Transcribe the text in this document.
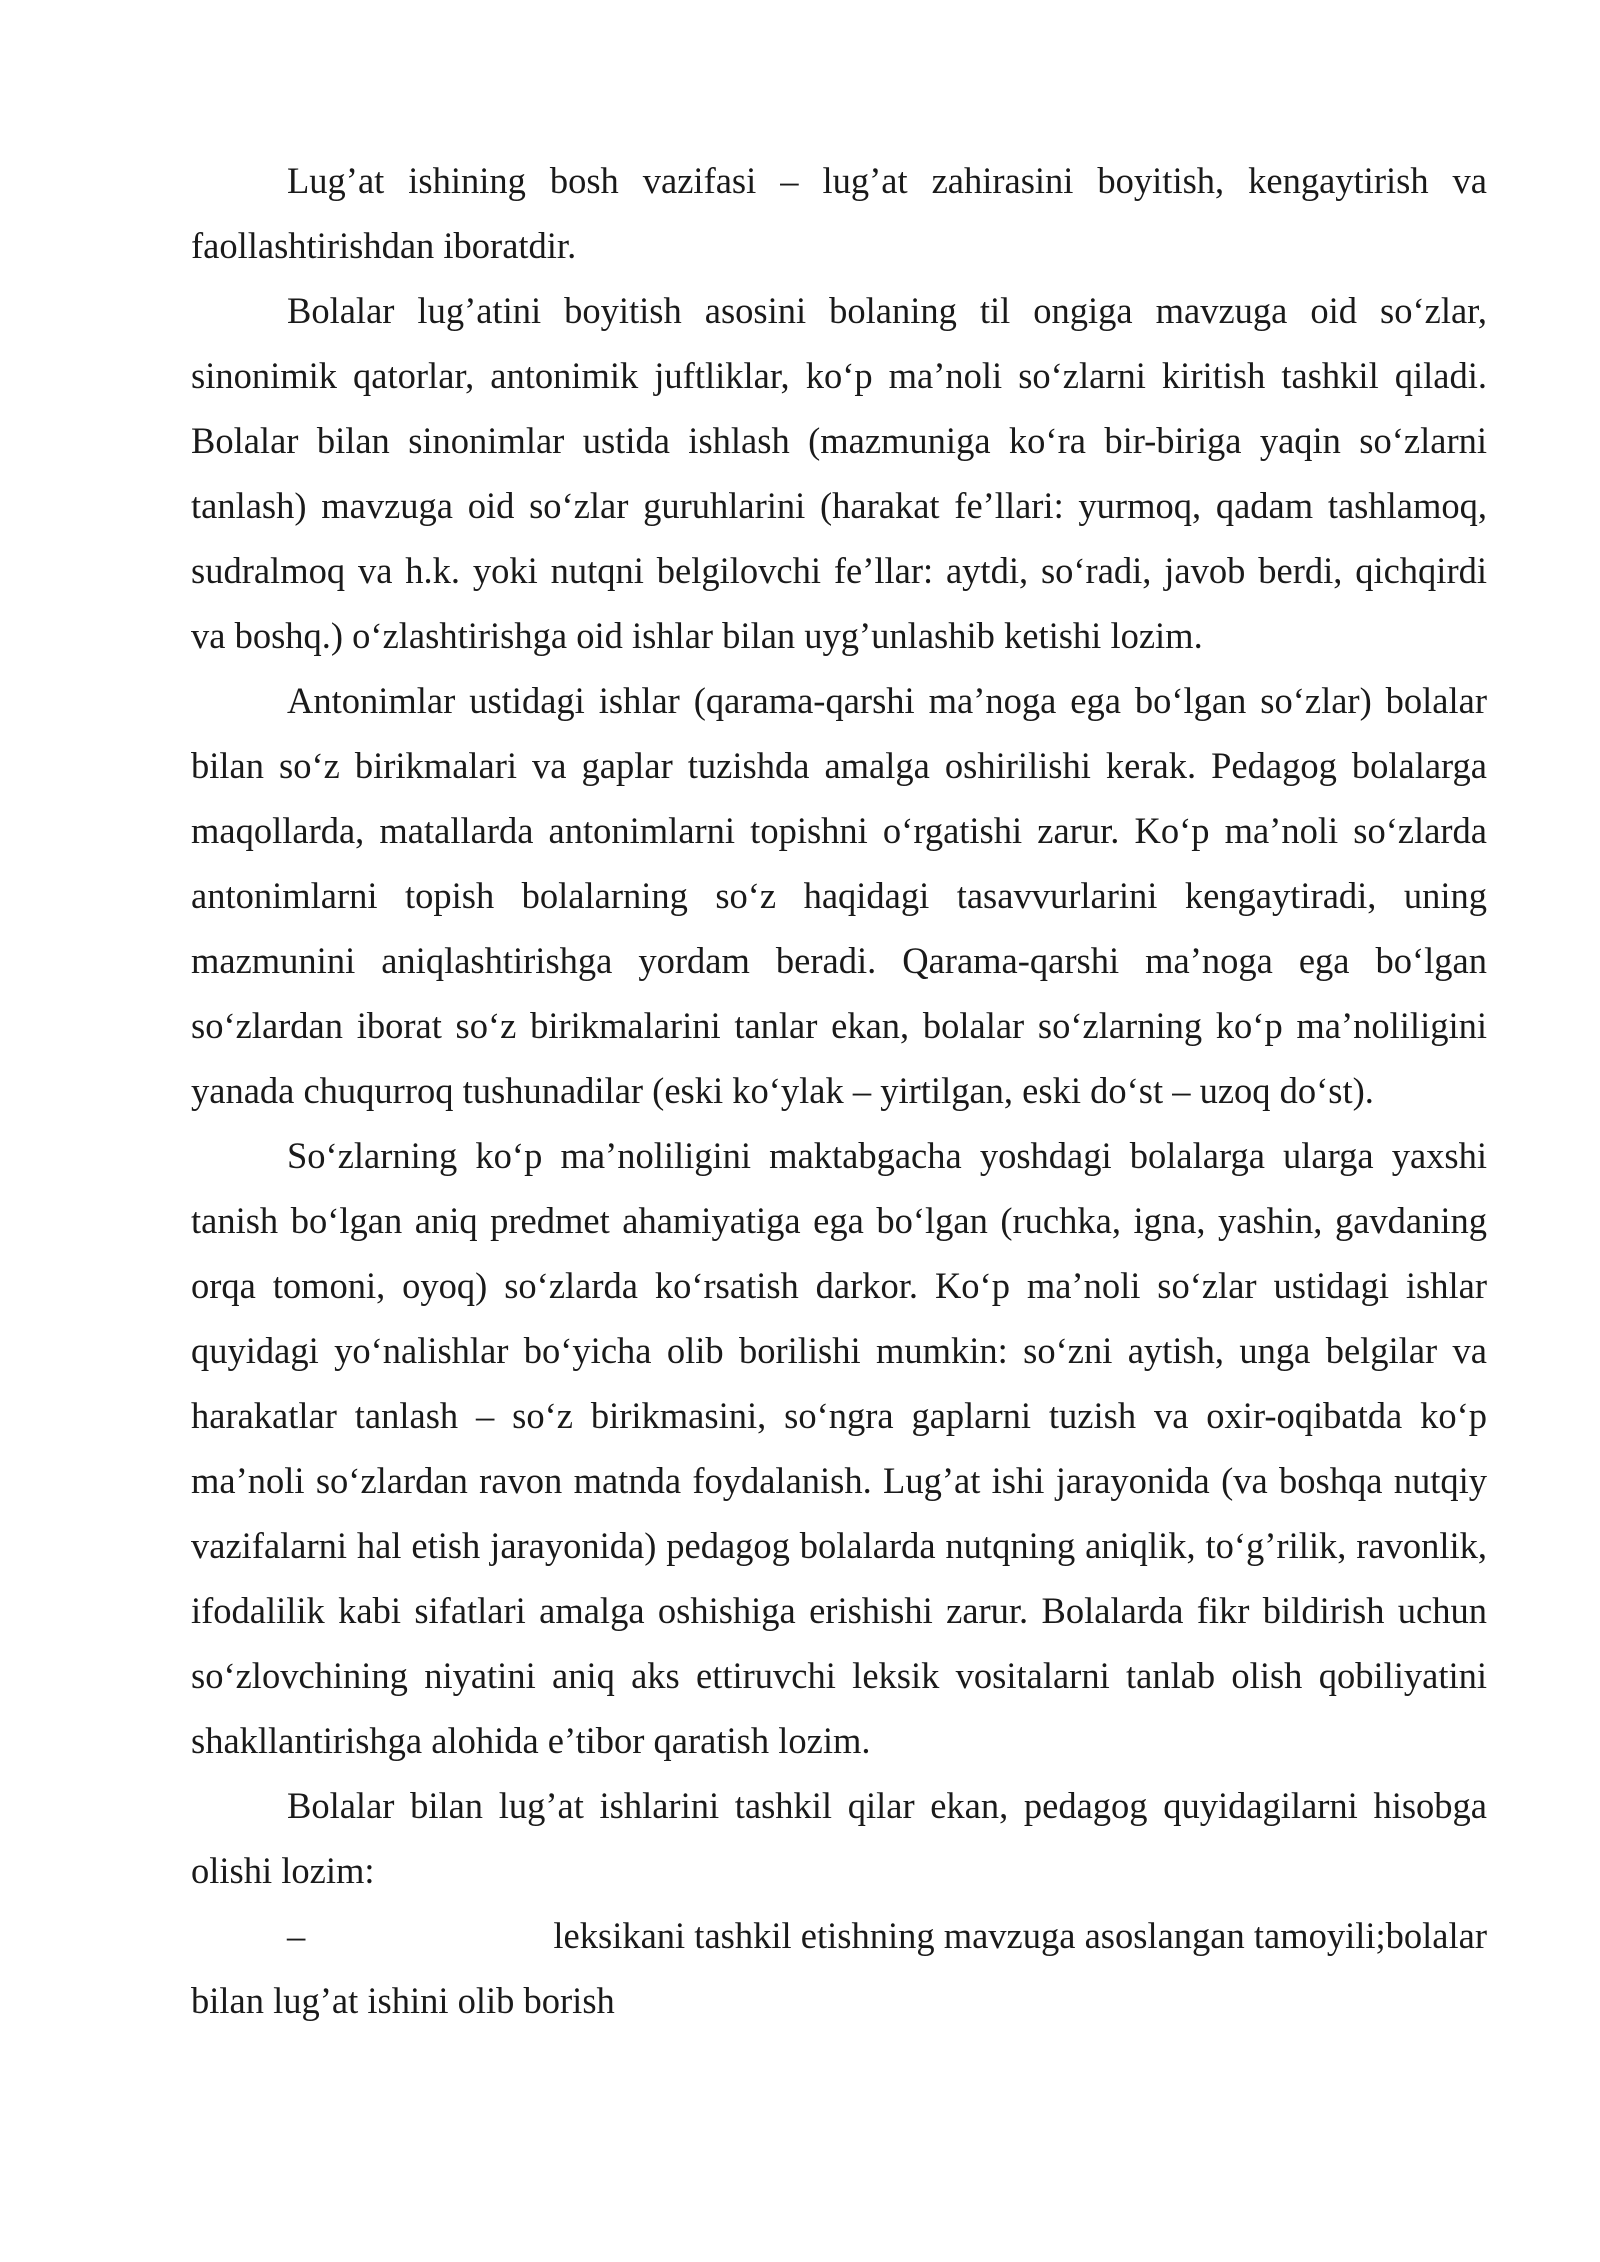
Lug’at ishining bosh vazifasi – lug’at zahirasini boyitish, kengaytirish va faollashtirishdan iboratdir.

Bolalar lug’atini boyitish asosini bolaning til ongiga mavzuga oid so‘zlar, sinonimik qatorlar, antonimik juftliklar, ko‘p ma’noli so‘zlarni kiritish tashkil qiladi. Bolalar bilan sinonimlar ustida ishlash (mazmuniga ko‘ra bir-biriga yaqin so‘zlarni tanlash) mavzuga oid so‘zlar guruhlarini (harakat fe’llari: yurmoq, qadam tashlamoq, sudralmoq va h.k. yoki nutqni belgilovchi fe’llar: aytdi, so‘radi, javob berdi, qichqirdi va boshq.) o‘zlashtirishga oid ishlar bilan uyg’unlashib ketishi lozim.

Antonimlar ustidagi ishlar (qarama-qarshi ma’noga ega bo‘lgan so‘zlar) bolalar bilan so‘z birikmalari va gaplar tuzishda amalga oshirilishi kerak. Pedagog bolalarga maqollarda, matallarda antonimlarni topishni o‘rgatishi zarur. Ko‘p ma’noli so‘zlarda antonimlarni topish bolalarning so‘z haqidagi tasavvurlarini kengaytiradi, uning mazmunini aniqlashtirishga yordam beradi. Qarama-qarshi ma’noga ega bo‘lgan so‘zlardan iborat so‘z birikmalarini tanlar ekan, bolalar so‘zlarning ko‘p ma’noliligini yanada chuqurroq tushunadilar (eski ko‘ylak – yirtilgan, eski do‘st – uzoq do‘st).

So‘zlarning ko‘p ma’noliligini maktabgacha yoshdagi bolalarga ularga yaxshi tanish bo‘lgan aniq predmet ahamiyatiga ega bo‘lgan (ruchka, igna, yashin, gavdaning orqa tomoni, oyoq) so‘zlarda ko‘rsatish darkor. Ko‘p ma’noli so‘zlar ustidagi ishlar quyidagi yo‘nalishlar bo‘yicha olib borilishi mumkin: so‘zni aytish, unga belgilar va harakatlar tanlash – so‘z birikmasini, so‘ngra gaplarni tuzish va oxir-oqibatda ko‘p ma’noli so‘zlardan ravon matnda foydalanish. Lug’at ishi jarayonida (va boshqa nutqiy vazifalarni hal etish jarayonida) pedagog bolalarda nutqning aniqlik, to‘g’rilik, ravonlik, ifodalilik kabi sifatlari amalga oshishiga erishishi zarur. Bolalarda fikr bildirish uchun so‘zlovchining niyatini aniq aks ettiruvchi leksik vositalarni tanlab olish qobiliyatini shakllantirishga alohida e’tibor qaratish lozim.

Bolalar bilan lug’at ishlarini tashkil qilar ekan, pedagog quyidagilarni hisobga olishi lozim:

–	leksikani tashkil etishning mavzuga asoslangan tamoyili;bolalar
bilan lug’at ishini olib borish
